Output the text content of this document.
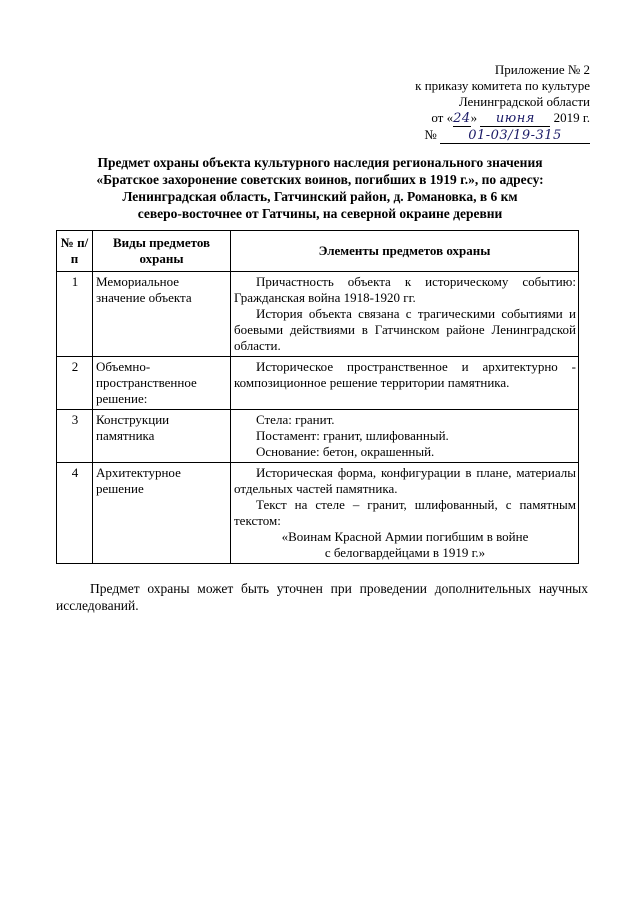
Приложение № 2
к приказу комитета по культуре
Ленинградской области
от «24» июня 2019 г.
№ 01-03/19-315
Предмет охраны объекта культурного наследия регионального значения
«Братское захоронение советских воинов, погибших в 1919 г.», по адресу:
Ленинградская область, Гатчинский район, д. Романовка, в 6 км
северо-восточнее от Гатчины, на северной окраине деревни
№ п/п	Виды предметов охраны	Элементы предметов охраны
1	Мемориальное значение объекта	Причастность объекта к историческому событию: Гражданская война 1918-1920 гг.

История объекта связана с трагическими событиями и боевыми действиями в Гатчинском районе Ленинградской области.

2	Объемно-пространственное решение:	Историческое пространственное и архитектурно - композиционное решение территории памятника.

3	Конструкции памятника	Стела: гранит.

Постамент: гранит, шлифованный.

Основание: бетон, окрашенный.

4	Архитектурное решение	Историческая форма, конфигурации в плане, материалы отдельных частей памятника.

Текст на стеле – гранит, шлифованный, с памятным текстом:

«Воинам Красной Армии погибшим в войне

с белогвардейцами в 1919 г.»

Предмет охраны может быть уточнен при проведении дополнительных научных исследований.
